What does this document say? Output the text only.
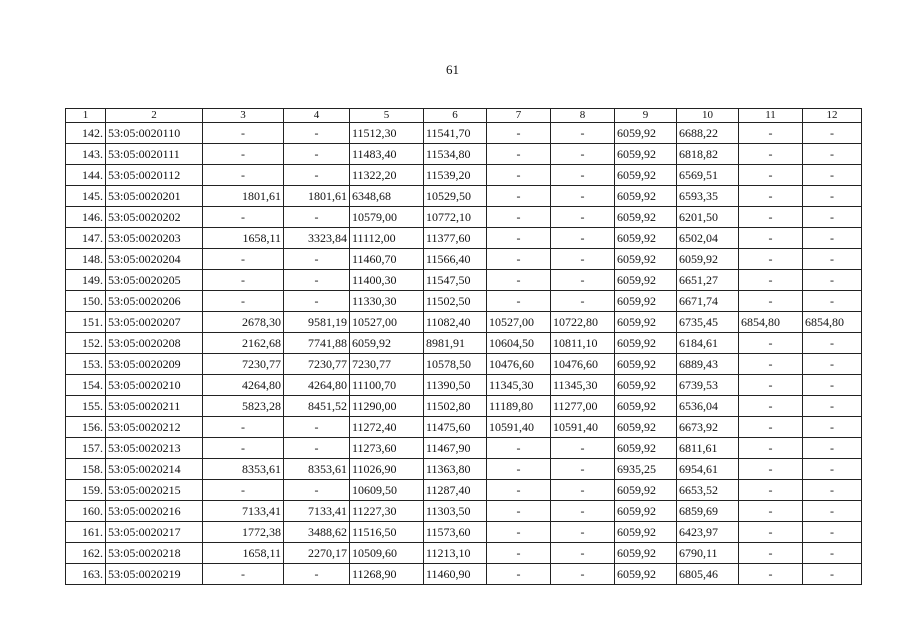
61
1	2	3	4	5	6	7	8	9	10	11	12
142.	53:05:0020110	-	-	11512,30	11541,70	-	-	6059,92	6688,22	-	-
143.	53:05:0020111	-	-	11483,40	11534,80	-	-	6059,92	6818,82	-	-
144.	53:05:0020112	-	-	11322,20	11539,20	-	-	6059,92	6569,51	-	-
145.	53:05:0020201	1801,61	1801,61	6348,68	10529,50	-	-	6059,92	6593,35	-	-
146.	53:05:0020202	-	-	10579,00	10772,10	-	-	6059,92	6201,50	-	-
147.	53:05:0020203	1658,11	3323,84	11112,00	11377,60	-	-	6059,92	6502,04	-	-
148.	53:05:0020204	-	-	11460,70	11566,40	-	-	6059,92	6059,92	-	-
149.	53:05:0020205	-	-	11400,30	11547,50	-	-	6059,92	6651,27	-	-
150.	53:05:0020206	-	-	11330,30	11502,50	-	-	6059,92	6671,74	-	-
151.	53:05:0020207	2678,30	9581,19	10527,00	11082,40	10527,00	10722,80	6059,92	6735,45	6854,80	6854,80
152.	53:05:0020208	2162,68	7741,88	6059,92	8981,91	10604,50	10811,10	6059,92	6184,61	-	-
153.	53:05:0020209	7230,77	7230,77	7230,77	10578,50	10476,60	10476,60	6059,92	6889,43	-	-
154.	53:05:0020210	4264,80	4264,80	11100,70	11390,50	11345,30	11345,30	6059,92	6739,53	-	-
155.	53:05:0020211	5823,28	8451,52	11290,00	11502,80	11189,80	11277,00	6059,92	6536,04	-	-
156.	53:05:0020212	-	-	11272,40	11475,60	10591,40	10591,40	6059,92	6673,92	-	-
157.	53:05:0020213	-	-	11273,60	11467,90	-	-	6059,92	6811,61	-	-
158.	53:05:0020214	8353,61	8353,61	11026,90	11363,80	-	-	6935,25	6954,61	-	-
159.	53:05:0020215	-	-	10609,50	11287,40	-	-	6059,92	6653,52	-	-
160.	53:05:0020216	7133,41	7133,41	11227,30	11303,50	-	-	6059,92	6859,69	-	-
161.	53:05:0020217	1772,38	3488,62	11516,50	11573,60	-	-	6059,92	6423,97	-	-
162.	53:05:0020218	1658,11	2270,17	10509,60	11213,10	-	-	6059,92	6790,11	-	-
163.	53:05:0020219	-	-	11268,90	11460,90	-	-	6059,92	6805,46	-	-
